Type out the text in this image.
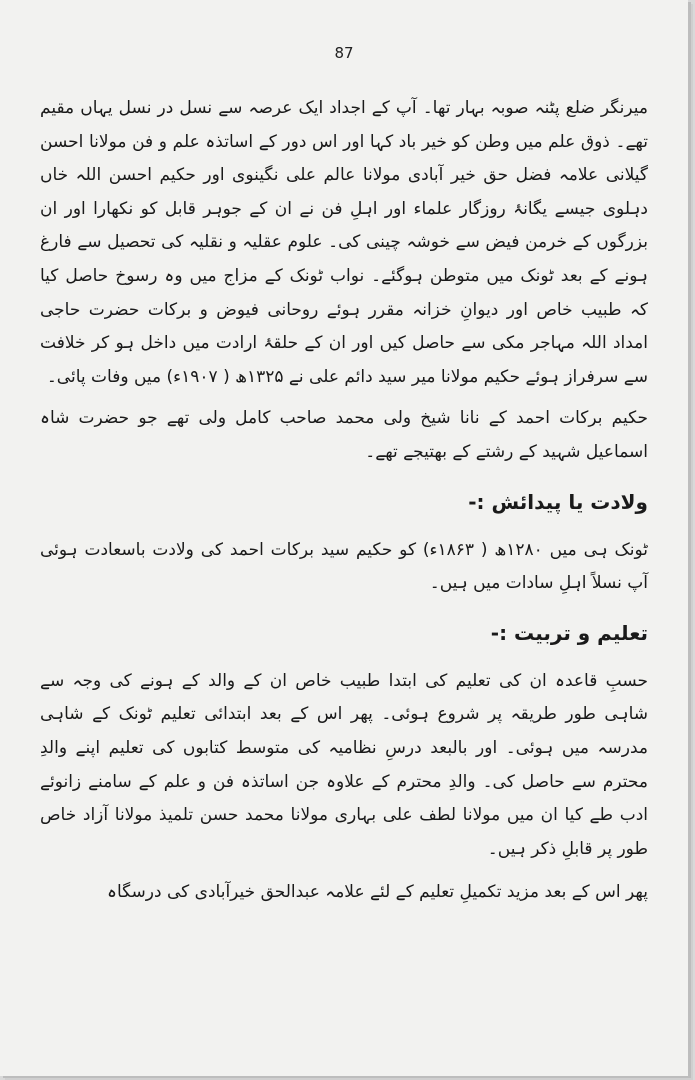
87

میرنگر ضلع پٹنہ صوبہ بہار تھا۔ آپ کے اجداد ایک عرصہ سے نسل در نسل یہاں مقیم تھے۔ ذوق علم میں وطن کو خیر باد کہا اور اس دور کے اساتذہ علم و فن مولانا احسن گیلانی علامہ فضل حق خیر آبادی مولانا عالم علی نگینوی اور حکیم احسن اللہ خاں دہلوی جیسے یگانۂ روزگار علماء اور اہلِ فن نے ان کے جوہر قابل کو نکھارا اور ان بزرگوں کے خرمن فیض سے خوشہ چینی کی۔ علوم عقلیہ و نقلیہ کی تحصیل سے فارغ ہونے کے بعد ٹونک میں متوطن ہوگئے۔ نواب ٹونک کے مزاج میں وہ رسوخ حاصل کیا کہ طبیب خاص اور دیوانِ خزانہ مقرر ہوئے روحانی فیوض و برکات حضرت حاجی امداد اللہ مہاجر مکی سے حاصل کیں اور ان کے حلقۂ ارادت میں داخل ہو کر خلافت سے سرفراز ہوئے حکیم مولانا میر سید دائم علی نے ۱۳۲۵ھ ( ۱۹۰۷ء) میں وفات پائی۔

حکیم برکات احمد کے نانا شیخ ولی محمد صاحب کامل ولی تھے جو حضرت شاہ اسماعیل شہید کے رشتے کے بھتیجے تھے۔

ولادت یا پیدائش :-

ٹونک ہی میں ۱۲۸۰ھ ( ۱۸۶۳ء) کو حکیم سید برکات احمد کی ولادت باسعادت ہوئی آپ نسلاً اہلِ سادات میں ہیں۔

تعلیم و تربیت :-

حسبِ قاعدہ ان کی تعلیم کی ابتدا طبیب خاص ان کے والد کے ہونے کی وجہ سے شاہی طور طریقہ پر شروع ہوئی۔ پھر اس کے بعد ابتدائی تعلیم ٹونک کے شاہی مدرسہ میں ہوئی۔ اور بالبعد درسِ نظامیہ کی متوسط کتابوں کی تعلیم اپنے والدِ محترم سے حاصل کی۔ والدِ محترم کے علاوہ جن اساتذہ فن و علم کے سامنے زانوئے ادب طے کیا ان میں مولانا لطف علی بہاری مولانا محمد حسن تلمیذ مولانا آزاد خاص طور پر قابلِ ذکر ہیں۔

پھر اس کے بعد مزید تکمیلِ تعلیم کے لئے علامہ عبدالحق خیرآبادی کی درسگاہ
